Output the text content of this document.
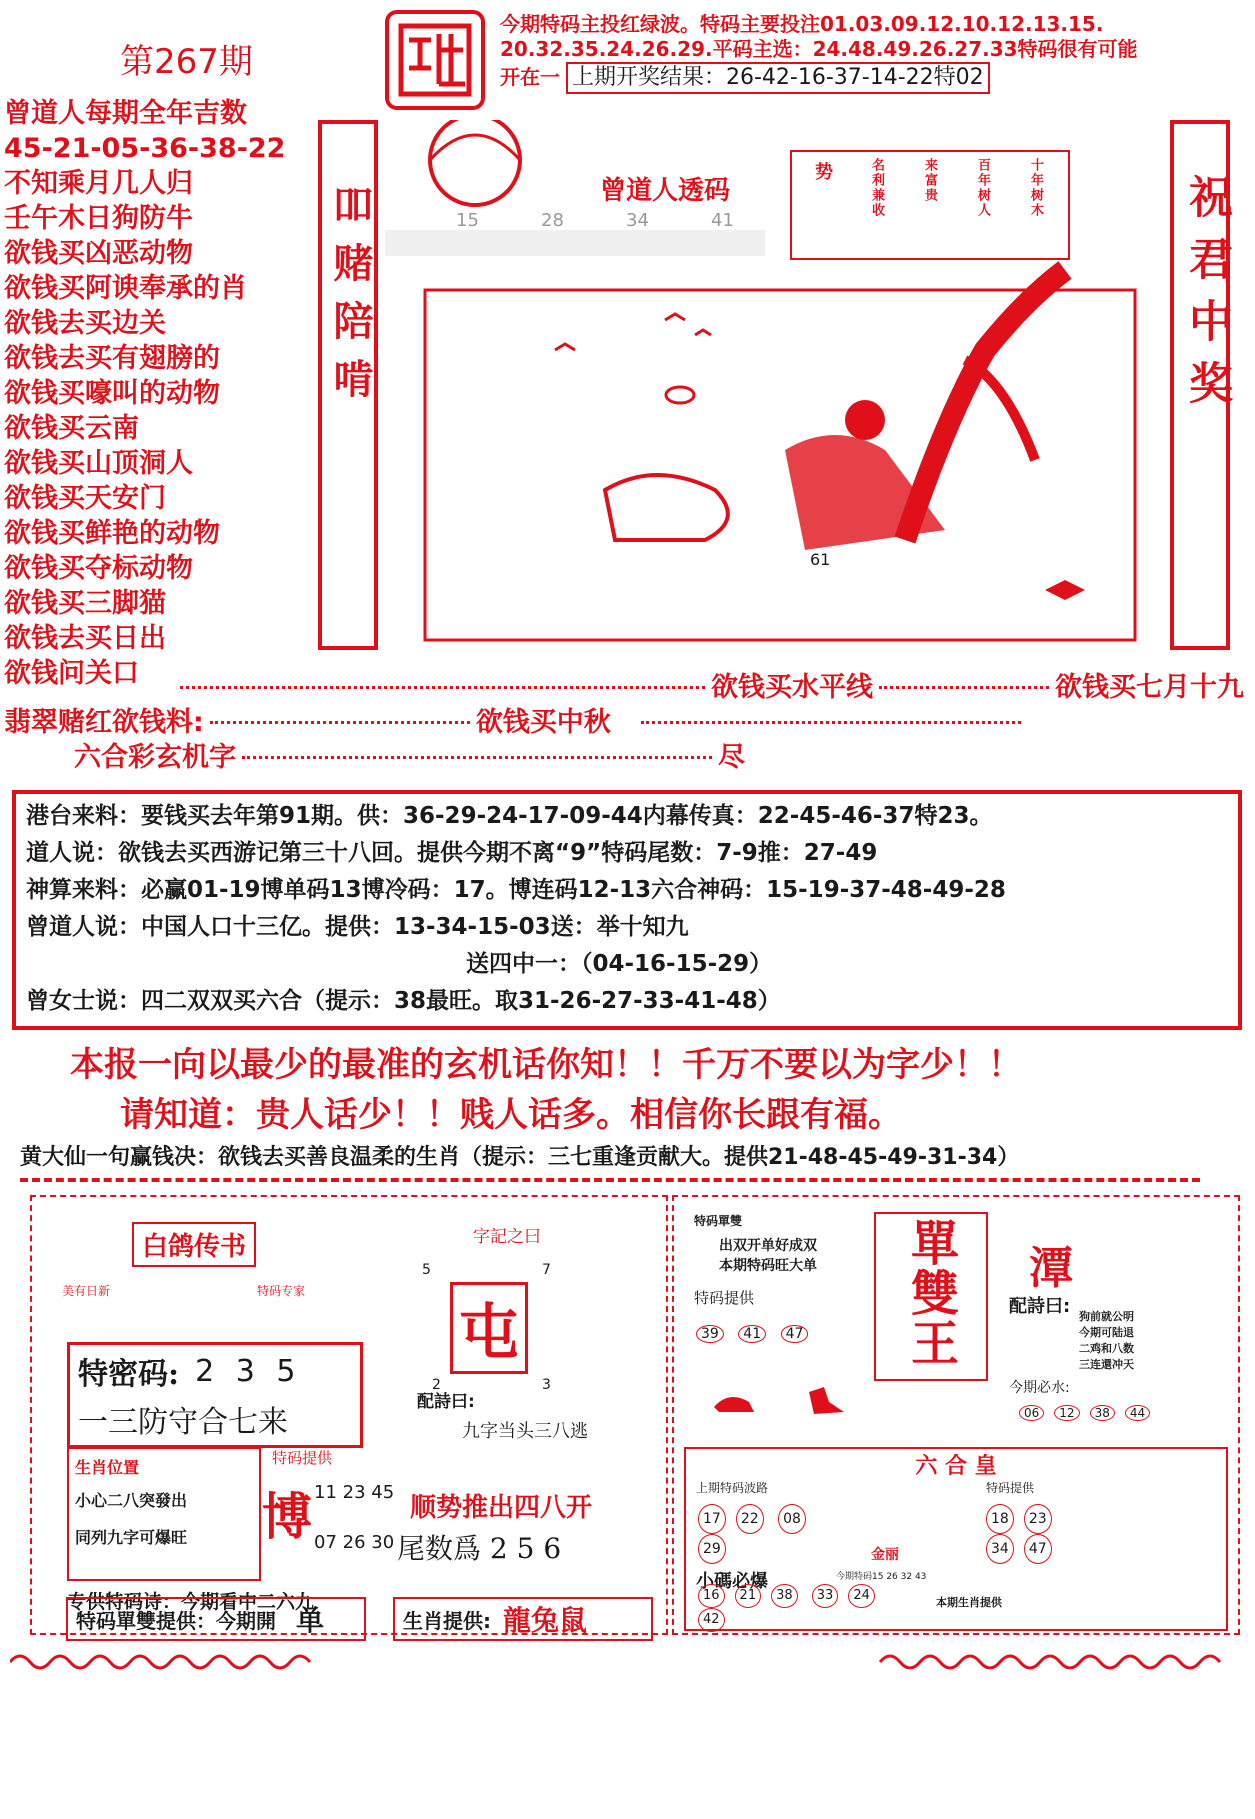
第267期
今期特码主投红绿波。特码主要投注01.03.09.12.10.12.13.15.
20.32.35.24.26.29.平码主选：24.48.49.26.27.33特码很有可能
开在一 上期开奖结果：26-42-16-37-14-22特02
曾道人每期全年吉数
45-21-05-36-38-22
不知乘月几人归
壬午木日狗防牛
欲钱买凶恶动物
欲钱买阿谀奉承的肖
欲钱去买边关
欲钱去买有翅膀的
欲钱买嚎叫的动物
欲钱买云南
欲钱买山顶洞人
欲钱买天安门
欲钱买鲜艳的动物
欲钱买夺标动物
欲钱买三脚猫
欲钱去买日出
欲钱问关口
吅赌陪啃	祝君中奖
曾道人透码
15	28	34	41
61
十年树木
百年树人
来富贵
名利兼收
势
欲钱买水平线	欲钱买七月十九
翡翠赌红欲钱料:	欲钱买中秋
六合彩玄机字	尽
港台来料：要钱买去年第91期。供：36-29-24-17-09-44内幕传真：22-45-46-37特23。
道人说：欲钱去买西游记第三十八回。提供今期不离“9”特码尾数：7-9推：27-49
神算来料：必赢01-19博单码13博冷码：17。博连码12-13六合神码：15-19-37-48-49-28
曾道人说：中国人口十三亿。提供：13-34-15-03送：举十知九
送四中一：（04-16-15-29）
曾女士说：四二双双买六合（提示：38最旺。取31-26-27-33-41-48）
本报一向以最少的最准的玄机话你知！！千万不要以为字少！！
请知道：贵人话少！！贱人话多。相信你长跟有福。
黄大仙一句赢钱决：欲钱去买善良温柔的生肖（提示：三七重逢贡献大。提供21-48-45-49-31-34）
白鸽传书
美有日新	特码专家
特密码: 2 3 5
一三防守合七来
生肖位置
小心二八突發出
同列九字可爆旺
特码提供
博 11 23 45
07 26 30
专供特码诗：今期看中二六九
字記之曰
5	7
屯
2	3
配詩曰:
九字当头三八逃
顺势推出四八开
尾数爲 2 5 6
特码單雙提供：今期開 单	生肖提供: 龍兔鼠
特码單雙
出双开单好成双
本期特码旺大单
特码提供
39 41 47	單雙王 潭
配詩曰: 狗前就公明
今期可陆退
二鸡和八数
三连還冲天
今期必水:
06 12 38 44
六 合 皇
上期特码波路
17 22 0829
特码提供
18 23 34 47
金丽
小碼必爆	今期特码15 26 32 43
16 21 38 33 2442
本期生肖提供
